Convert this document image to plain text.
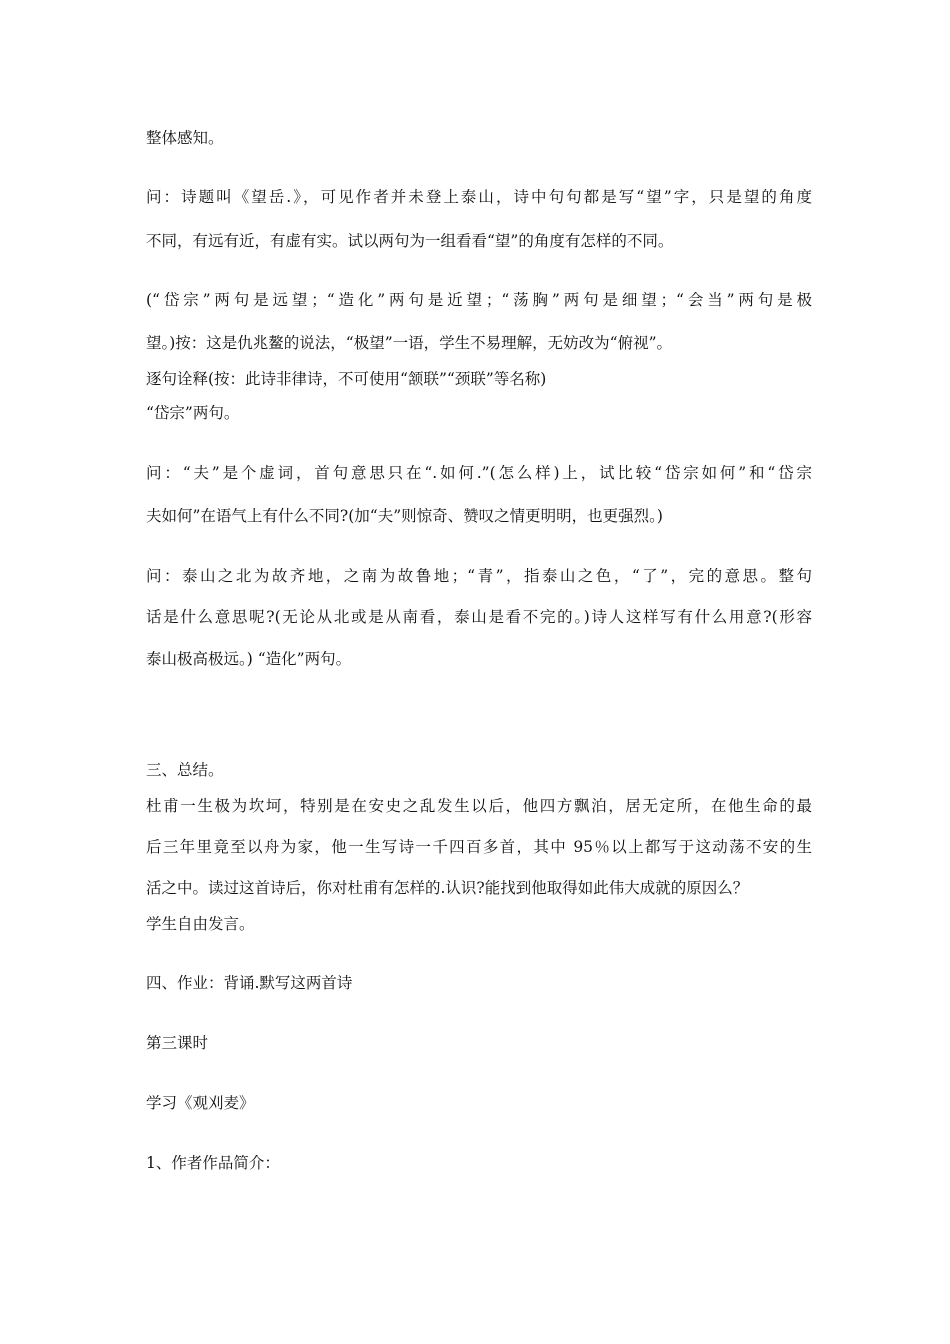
整体感知。

问：诗题叫《望岳.》，可见作者并未登上泰山，诗中句句都是写“望”字，只是望的角度

不同，有远有近，有虚有实。试以两句为一组看看“望”的角度有怎样的不同。

(“岱宗”两句是远望；“造化”两句是近望；“荡胸”两句是细望；“会当”两句是极

望。)按：这是仇兆鳌的说法，“极望”一语，学生不易理解，无妨改为“俯视”。

逐句诠释(按：此诗非律诗，不可使用“颔联”“颈联”等名称)

“岱宗”两句。

问：“夫”是个虚词，首句意思只在“.如何.”(怎么样)上，试比较“岱宗如何”和“岱宗

夫如何”在语气上有什么不同?(加“夫”则惊奇、赞叹之情更明明，也更强烈。)

问：泰山之北为故齐地，之南为故鲁地；“青”，指泰山之色，“了”，完的意思。整句

话是什么意思呢?(无论从北或是从南看，泰山是看不完的。)诗人这样写有什么用意?(形容

泰山极高极远。) “造化”两句。

三、总结。

杜甫一生极为坎坷，特别是在安史之乱发生以后，他四方飘泊，居无定所，在他生命的最

后三年里竟至以舟为家，他一生写诗一千四百多首，其中 95％以上都写于这动荡不安的生

活之中。读过这首诗后，你对杜甫有怎样的.认识?能找到他取得如此伟大成就的原因么？

学生自由发言。

四、作业：背诵.默写这两首诗

第三课时

学习《观刈麦》

1、作者作品简介：
